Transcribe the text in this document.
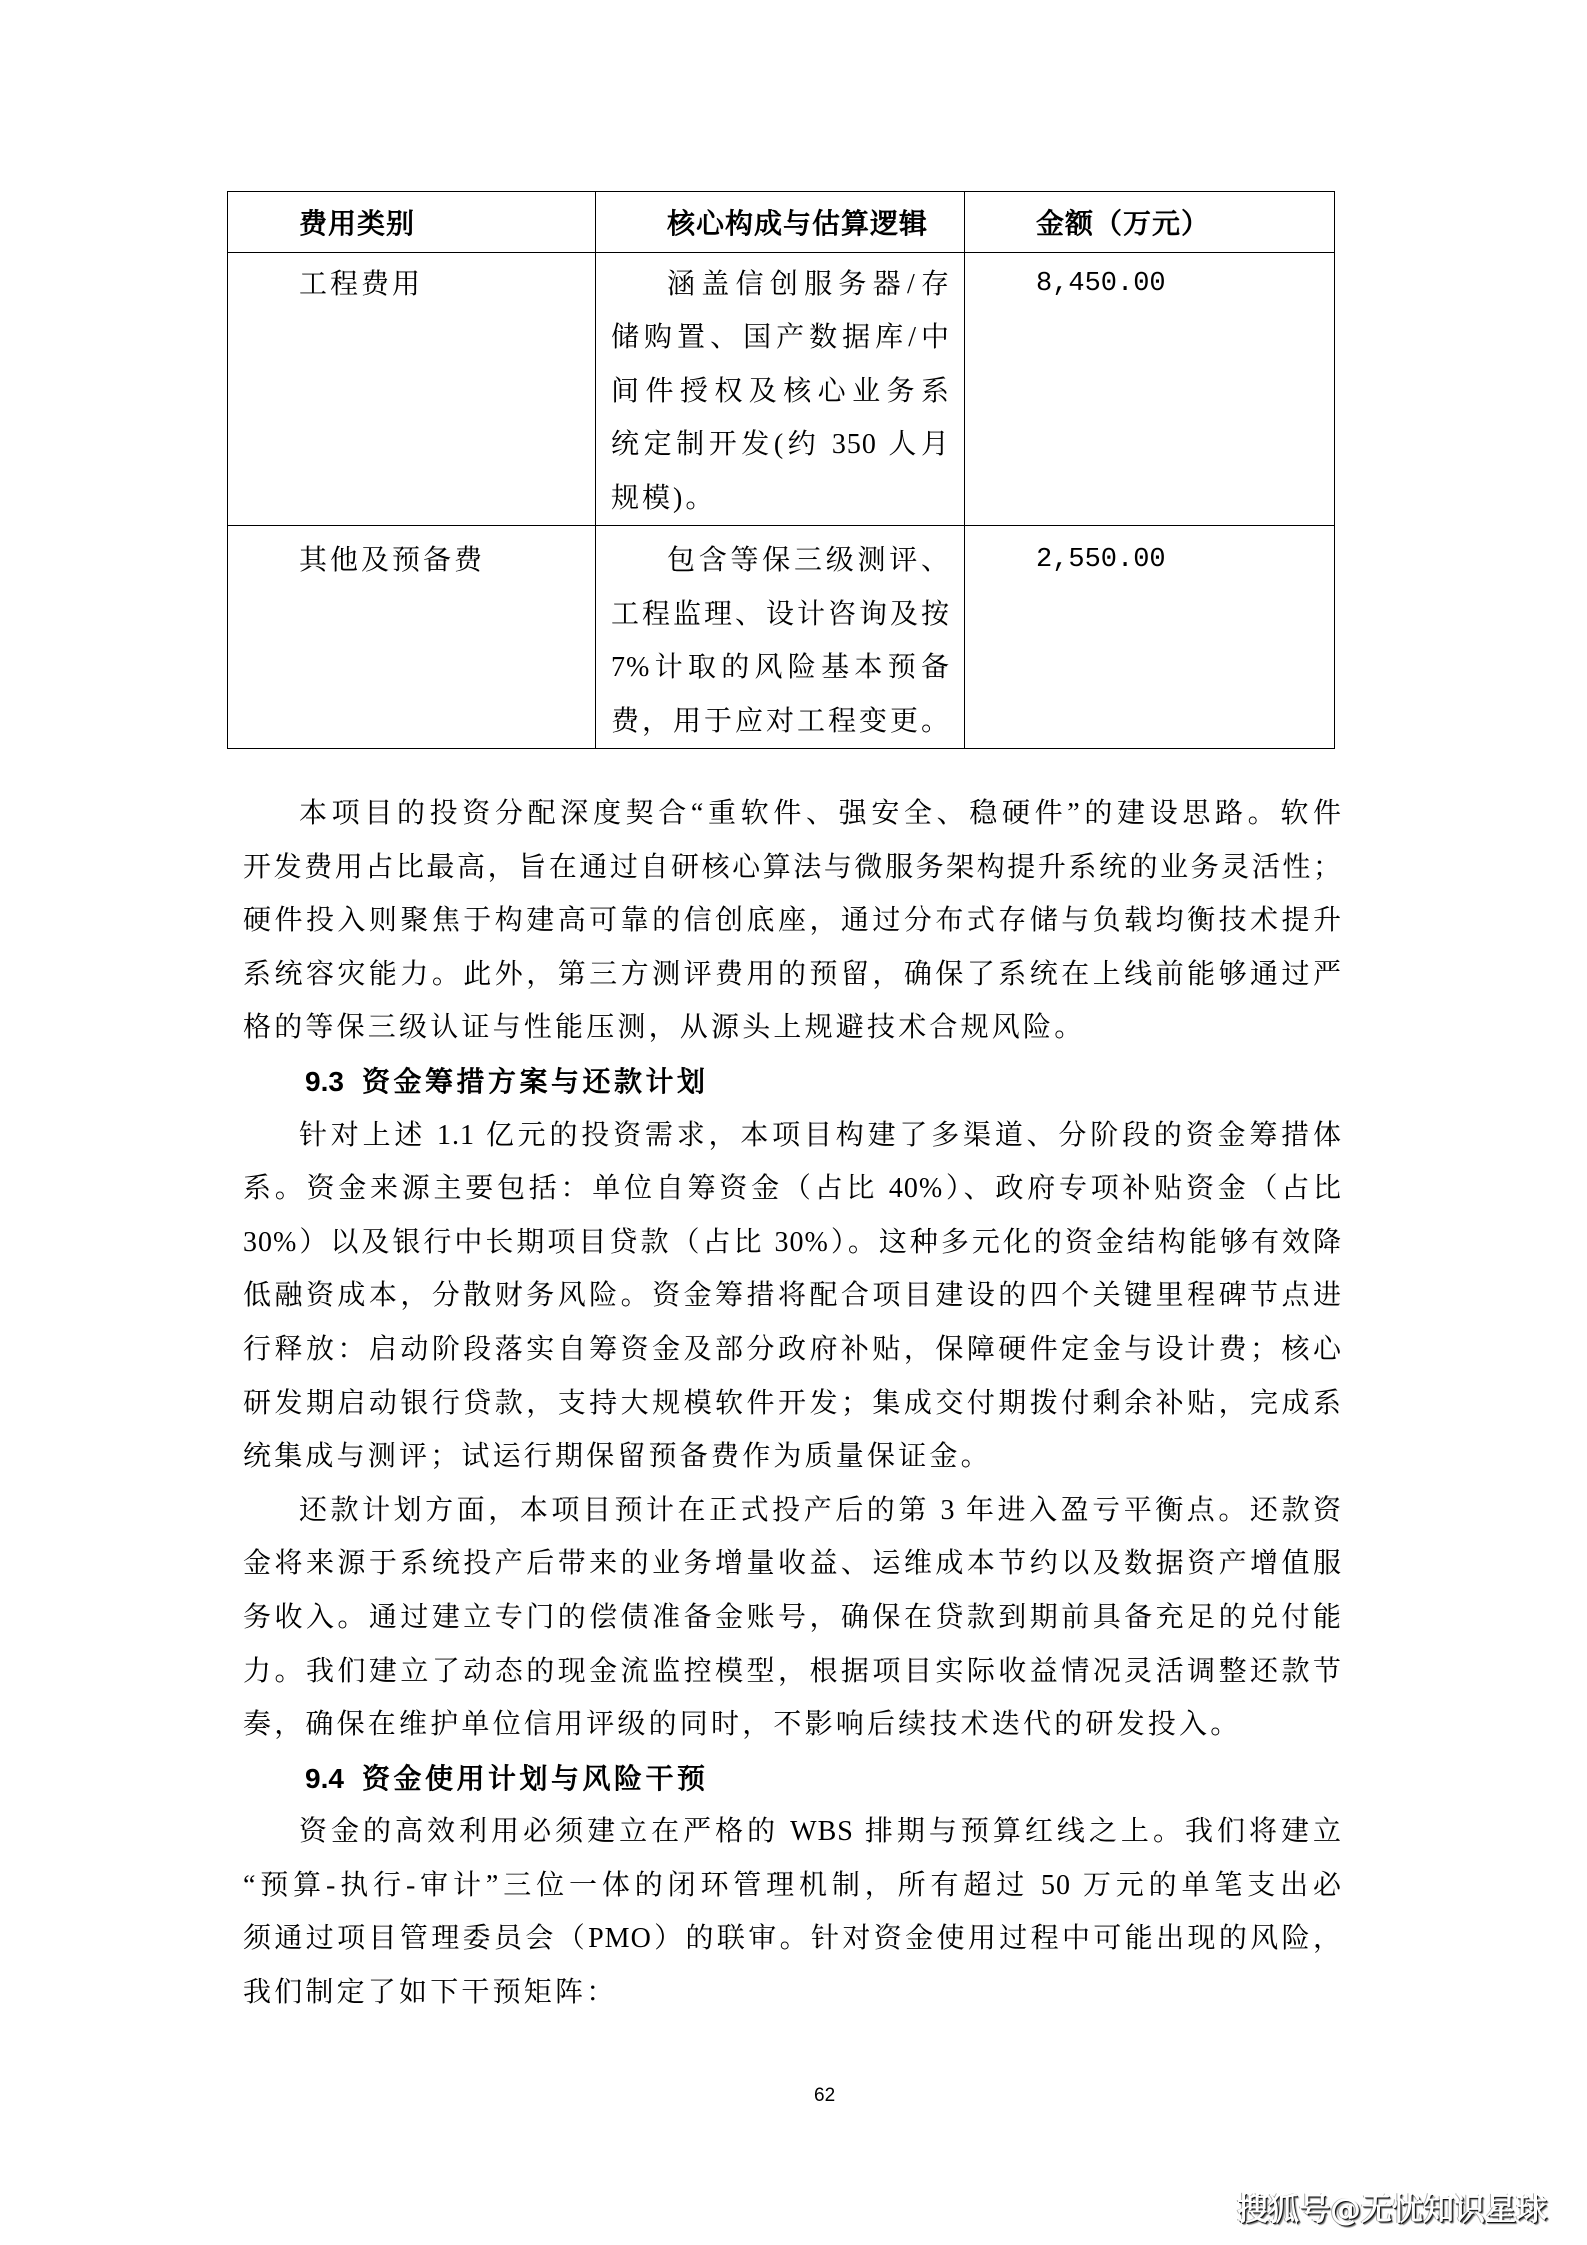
费用类别	核心构成与估算逻辑	金额（万元）

工程费用	涵盖信创服务器/存
储购置、国产数据库/中
间件授权及核心业务系
统定制开发(约 350 人月
规模)。	8,450.00

其他及预备费	包含等保三级测评、
工程监理、设计咨询及按
7%计取的风险基本预备
费，用于应对工程变更。	2,550.00
本项目的投资分配深度契合“重软件、强安全、稳硬件”的建设思路。软件
开发费用占比最高，旨在通过自研核心算法与微服务架构提升系统的业务灵活性；
硬件投入则聚焦于构建高可靠的信创底座，通过分布式存储与负载均衡技术提升
系统容灾能力。此外，第三方测评费用的预留，确保了系统在上线前能够通过严
格的等保三级认证与性能压测，从源头上规避技术合规风险。
9.3 资金筹措方案与还款计划
针对上述 1.1 亿元的投资需求，本项目构建了多渠道、分阶段的资金筹措体
系。资金来源主要包括：单位自筹资金（占比 40%）、政府专项补贴资金（占比
30%）以及银行中长期项目贷款（占比 30%）。这种多元化的资金结构能够有效降
低融资成本，分散财务风险。资金筹措将配合项目建设的四个关键里程碑节点进
行释放：启动阶段落实自筹资金及部分政府补贴，保障硬件定金与设计费；核心
研发期启动银行贷款，支持大规模软件开发；集成交付期拨付剩余补贴，完成系
统集成与测评；试运行期保留预备费作为质量保证金。
还款计划方面，本项目预计在正式投产后的第 3 年进入盈亏平衡点。还款资
金将来源于系统投产后带来的业务增量收益、运维成本节约以及数据资产增值服
务收入。通过建立专门的偿债准备金账号，确保在贷款到期前具备充足的兑付能
力。我们建立了动态的现金流监控模型，根据项目实际收益情况灵活调整还款节
奏，确保在维护单位信用评级的同时，不影响后续技术迭代的研发投入。
9.4 资金使用计划与风险干预
资金的高效利用必须建立在严格的 WBS 排期与预算红线之上。我们将建立
“预算-执行-审计”三位一体的闭环管理机制，所有超过 50 万元的单笔支出必
须通过项目管理委员会（PMO）的联审。针对资金使用过程中可能出现的风险，
我们制定了如下干预矩阵：
62
搜狐号@无忧知识星球
